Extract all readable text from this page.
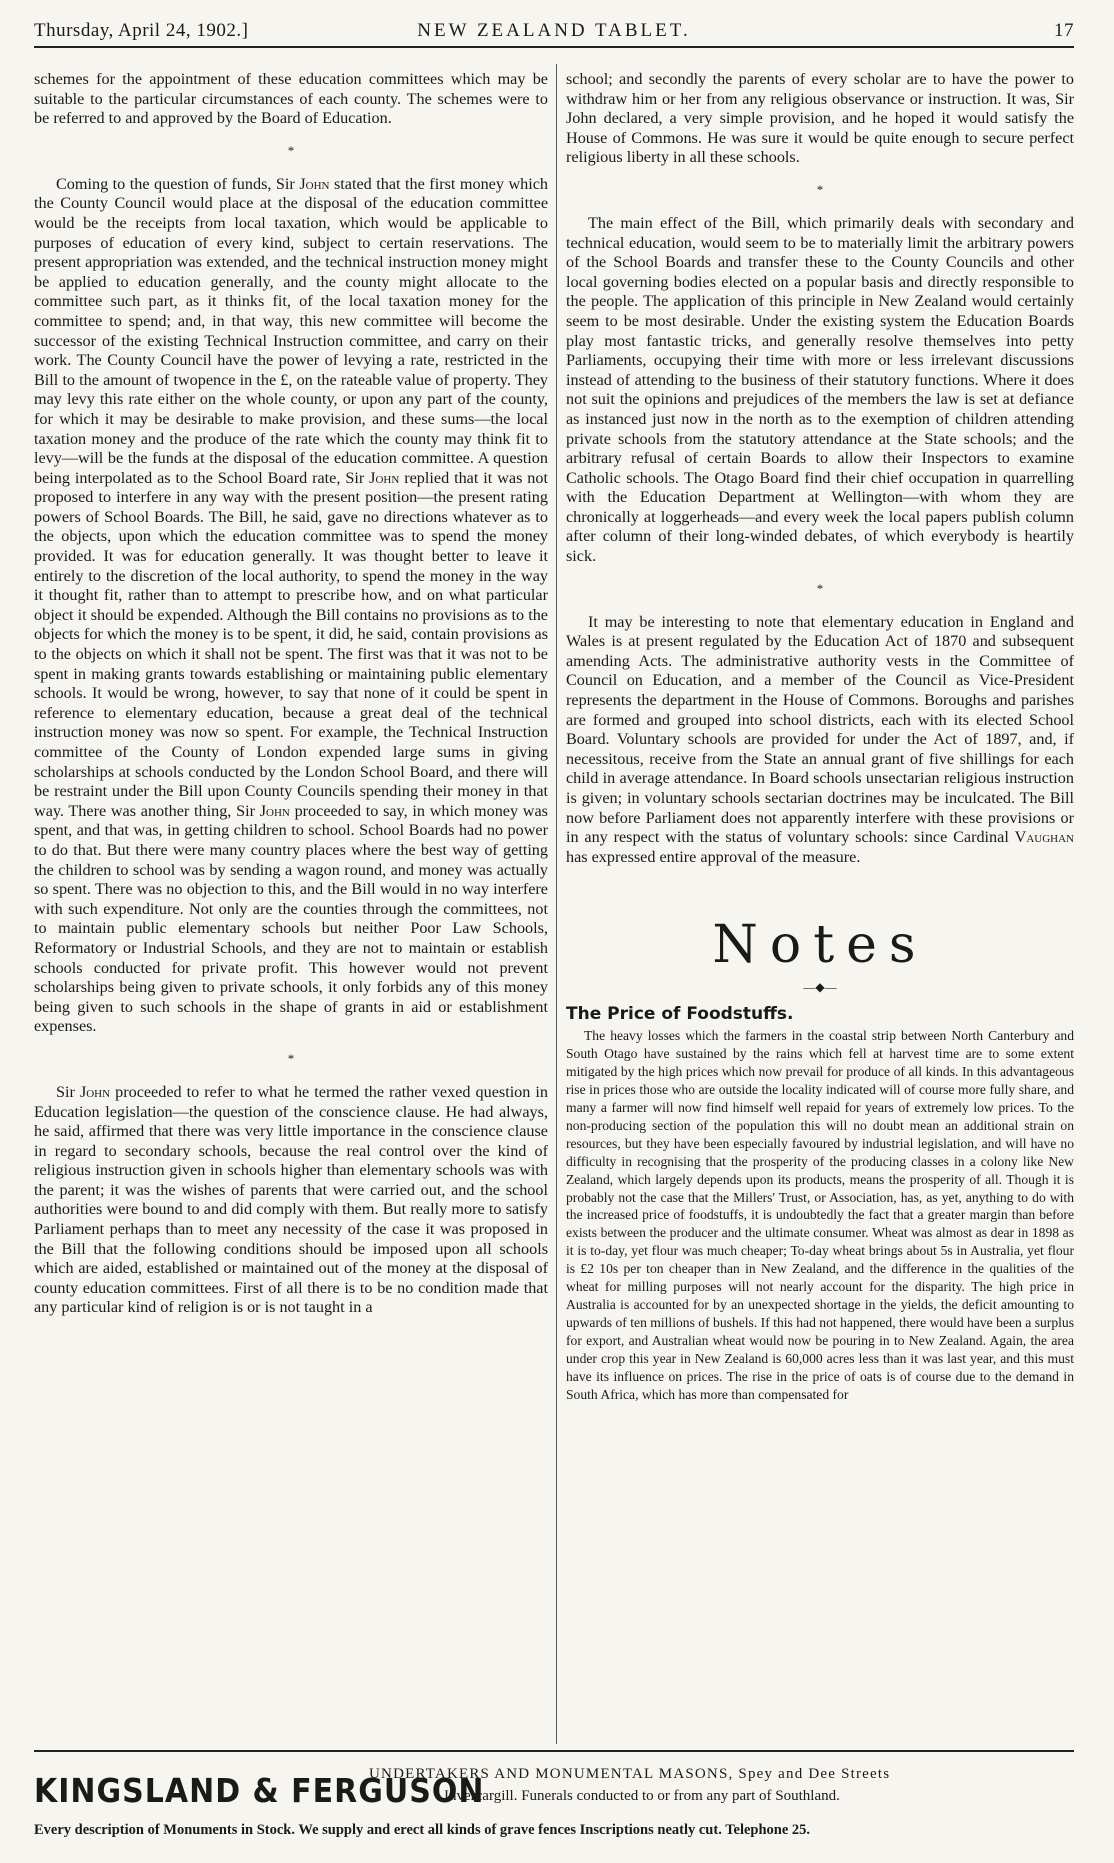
Thursday, April 24, 1902.]	NEW ZEALAND TABLET.	17

schemes for the appointment of these education committees which may be suitable to the particular circumstances of each county. The schemes were to be referred to and approved by the Board of Education.

*

Coming to the question of funds, Sir John stated that the first money which the County Council would place at the disposal of the education committee would be the receipts from local taxation, which would be applicable to purposes of education of every kind, subject to certain reservations. The present appropriation was extended, and the technical instruction money might be applied to education generally, and the county might allocate to the committee such part, as it thinks fit, of the local taxation money for the committee to spend; and, in that way, this new committee will become the successor of the existing Technical Instruction committee, and carry on their work. The County Council have the power of levying a rate, restricted in the Bill to the amount of twopence in the £, on the rateable value of property. They may levy this rate either on the whole county, or upon any part of the county, for which it may be desirable to make provision, and these sums—the local taxation money and the produce of the rate which the county may think fit to levy—will be the funds at the disposal of the education committee. A question being interpolated as to the School Board rate, Sir John replied that it was not proposed to interfere in any way with the present position—the present rating powers of School Boards. The Bill, he said, gave no directions whatever as to the objects, upon which the education committee was to spend the money provided. It was for education generally. It was thought better to leave it entirely to the discretion of the local authority, to spend the money in the way it thought fit, rather than to attempt to prescribe how, and on what particular object it should be expended. Although the Bill contains no provisions as to the objects for which the money is to be spent, it did, he said, contain provisions as to the objects on which it shall not be spent. The first was that it was not to be spent in making grants towards establishing or maintaining public elementary schools. It would be wrong, however, to say that none of it could be spent in reference to elementary education, because a great deal of the technical instruction money was now so spent. For example, the Technical Instruction committee of the County of London expended large sums in giving scholarships at schools conducted by the London School Board, and there will be restraint under the Bill upon County Councils spending their money in that way. There was another thing, Sir John proceeded to say, in which money was spent, and that was, in getting children to school. School Boards had no power to do that. But there were many country places where the best way of getting the children to school was by sending a wagon round, and money was actually so spent. There was no objection to this, and the Bill would in no way interfere with such expenditure. Not only are the counties through the committees, not to maintain public elementary schools but neither Poor Law Schools, Reformatory or Industrial Schools, and they are not to maintain or establish schools conducted for private profit. This however would not prevent scholarships being given to private schools, it only forbids any of this money being given to such schools in the shape of grants in aid or establishment expenses.

*

Sir John proceeded to refer to what he termed the rather vexed question in Education legislation—the question of the conscience clause. He had always, he said, affirmed that there was very little importance in the conscience clause in regard to secondary schools, because the real control over the kind of religious instruction given in schools higher than elementary schools was with the parent; it was the wishes of parents that were carried out, and the school authorities were bound to and did comply with them. But really more to satisfy Parliament perhaps than to meet any necessity of the case it was proposed in the Bill that the following conditions should be imposed upon all schools which are aided, established or maintained out of the money at the disposal of county education committees. First of all there is to be no condition made that any particular kind of religion is or is not taught in a

school; and secondly the parents of every scholar are to have the power to withdraw him or her from any religious observance or instruction. It was, Sir John declared, a very simple provision, and he hoped it would satisfy the House of Commons. He was sure it would be quite enough to secure perfect religious liberty in all these schools.

*

The main effect of the Bill, which primarily deals with secondary and technical education, would seem to be to materially limit the arbitrary powers of the School Boards and transfer these to the County Councils and other local governing bodies elected on a popular basis and directly responsible to the people. The application of this principle in New Zealand would certainly seem to be most desirable. Under the existing system the Education Boards play most fantastic tricks, and generally resolve themselves into petty Parliaments, occupying their time with more or less irrelevant discussions instead of attending to the business of their statutory functions. Where it does not suit the opinions and prejudices of the members the law is set at defiance as instanced just now in the north as to the exemption of children attending private schools from the statutory attendance at the State schools; and the arbitrary refusal of certain Boards to allow their Inspectors to examine Catholic schools. The Otago Board find their chief occupation in quarrelling with the Education Department at Wellington—with whom they are chronically at loggerheads—and every week the local papers publish column after column of their long-winded debates, of which everybody is heartily sick.

*

It may be interesting to note that elementary education in England and Wales is at present regulated by the Education Act of 1870 and subsequent amending Acts. The administrative authority vests in the Committee of Council on Education, and a member of the Council as Vice-President represents the department in the House of Commons. Boroughs and parishes are formed and grouped into school districts, each with its elected School Board. Voluntary schools are provided for under the Act of 1897, and, if necessitous, receive from the State an annual grant of five shillings for each child in average attendance. In Board schools unsectarian religious instruction is given; in voluntary schools sectarian doctrines may be inculcated. The Bill now before Parliament does not apparently interfere with these provisions or in any respect with the status of voluntary schools: since Cardinal Vaughan has expressed entire approval of the measure.

Notes
—◆—
The Price of Foodstuffs.

The heavy losses which the farmers in the coastal strip between North Canterbury and South Otago have sustained by the rains which fell at harvest time are to some extent mitigated by the high prices which now prevail for produce of all kinds. In this advantageous rise in prices those who are outside the locality indicated will of course more fully share, and many a farmer will now find himself well repaid for years of extremely low prices. To the non-producing section of the population this will no doubt mean an additional strain on resources, but they have been especially favoured by industrial legislation, and will have no difficulty in recognising that the prosperity of the producing classes in a colony like New Zealand, which largely depends upon its products, means the prosperity of all. Though it is probably not the case that the Millers' Trust, or Association, has, as yet, anything to do with the increased price of foodstuffs, it is undoubtedly the fact that a greater margin than before exists between the producer and the ultimate consumer. Wheat was almost as dear in 1898 as it is to-day, yet flour was much cheaper; To-day wheat brings about 5s in Australia, yet flour is £2 10s per ton cheaper than in New Zealand, and the difference in the qualities of the wheat for milling purposes will not nearly account for the disparity. The high price in Australia is accounted for by an unexpected shortage in the yields, the deficit amounting to upwards of ten millions of bushels. If this had not happened, there would have been a surplus for export, and Australian wheat would now be pouring in to New Zealand. Again, the area under crop this year in New Zealand is 60,000 acres less than it was last year, and this must have its influence on prices. The rise in the price of oats is of course due to the demand in South Africa, which has more than compensated for

KINGSLAND & FERGUSON
UNDERTAKERS AND MONUMENTAL MASONS, Spey and Dee Streets
Invercargill. Funerals conducted to or from any part of Southland.
Every description of Monuments in Stock. We supply and erect all kinds of grave fences Inscriptions neatly cut. Telephone 25.
